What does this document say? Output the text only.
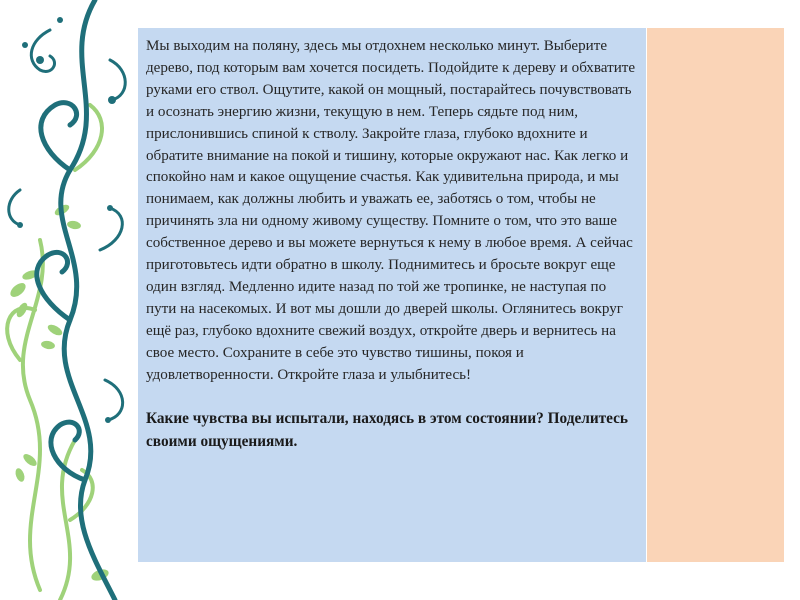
Мы выходим на поляну, здесь мы отдохнем несколько минут. Выберите дерево, под которым вам хочется посидеть. Подойдите к дереву и обхватите руками его ствол. Ощутите, какой он мощный, постарайтесь почувствовать и осознать энергию жизни, текущую в нем. Теперь сядьте под ним, прислонившись спиной к стволу. Закройте глаза, глубоко вдохните и обратите внимание на покой и тишину, которые окружают нас. Как легко и спокойно нам и какое ощущение счастья. Как удивительна природа, и мы понимаем, как должны любить и уважать ее, заботясь о том, чтобы не причинять зла ни одному живому существу. Помните о том, что это ваше собственное дерево и вы можете вернуться к нему в любое время. А сейчас приготовьтесь идти обратно в школу. Поднимитесь и бросьте вокруг еще один взгляд. Медленно идите назад по той же тропинке, не наступая по пути на насекомых. И вот мы дошли до дверей школы. Оглянитесь вокруг ещё раз, глубоко вдохните свежий воздух, откройте дверь и вернитесь на свое место. Сохраните в себе это чувство тишины, покоя и удовлетворенности. Откройте глаза и улыбнитесь!

Какие чувства вы испытали, находясь в этом состоянии? Поделитесь своими ощущениями.
